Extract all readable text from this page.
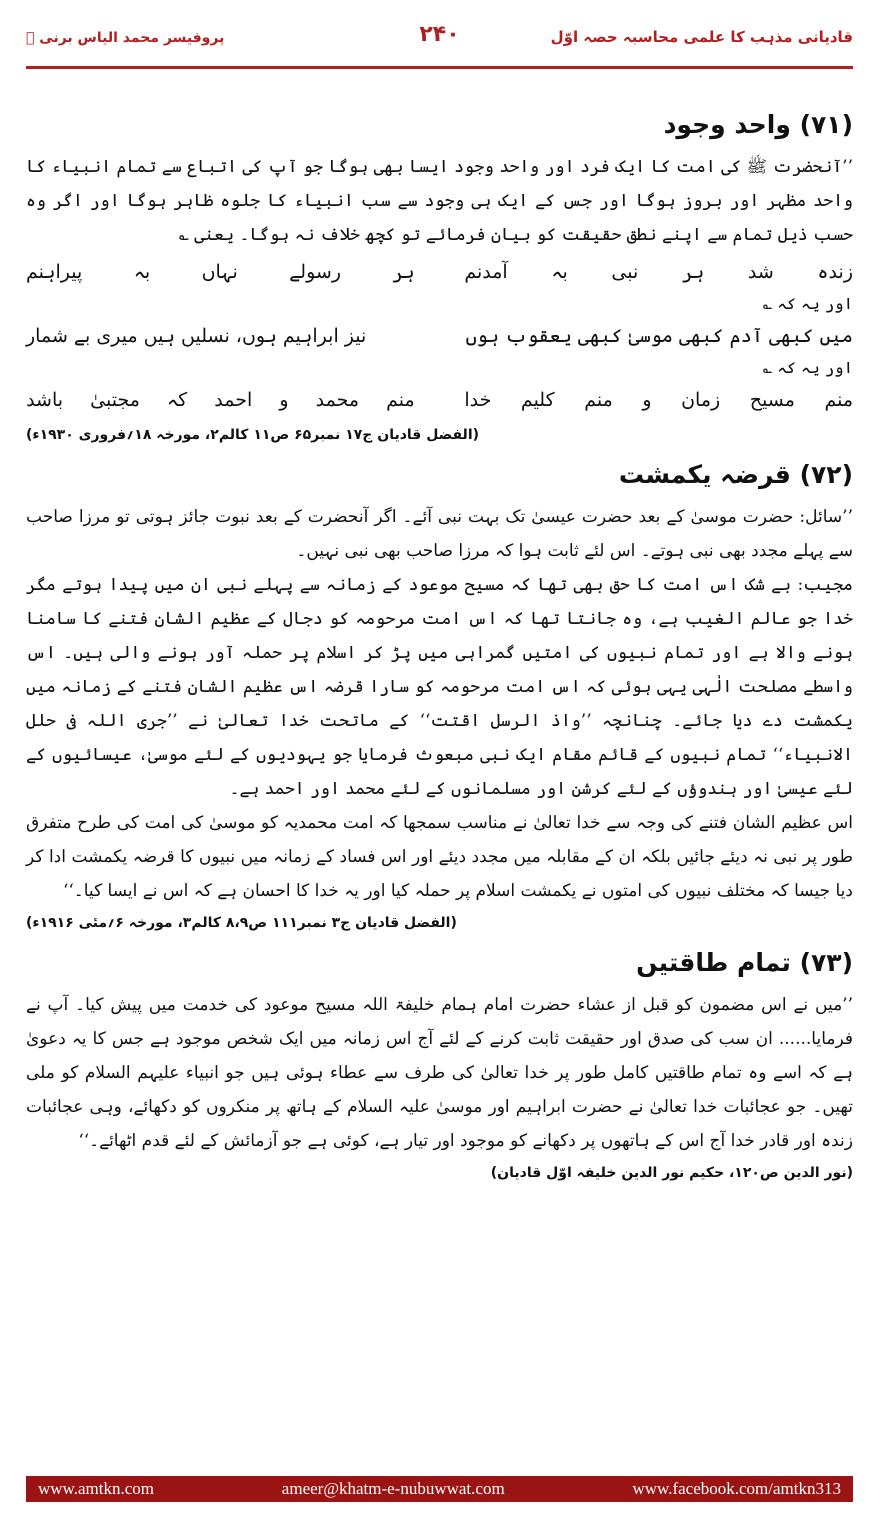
قادیانی مذہب کا علمی محاسبہ حصہ اوّل
۲۴۰
پروفیسر محمد الیاس برنی ﷫
(۷۱) واحد وجود

’’آنحضرت ﷺ کی امت کا ایک فرد اور واحد وجود ایسا بھی ہوگا جو آپ کی اتباع سے تمام انبیاء کا واحد مظہر اور بروز ہوگا اور جس کے ایک ہی وجود سے سب انبیاء کا جلوہ ظاہر ہوگا اور اگر وہ حسب ذیل تمام سے اپنے نطق حقیقت کو بیان فرمائے تو کچھ خلاف نہ ہوگا۔ یعنی ؎

زندہ
شد
ہر
نبی
بہ
آمدنم
ہر
رسولے
نہاں
بہ
پیراہنم

اور یہ کہ ؎

میں کبھی آدم کبھی موسیٰ کبھی یعقوب ہوں
نیز ابراہیم ہوں، نسلیں ہیں میری بے شمار

اور یہ کہ ؎

منم
مسیح
زمان
و
منم
کلیم
خدا
منم
محمد
و
احمد
کہ
مجتبیٰ
باشد

(الفضل قادیان ج۱۷ نمبر۶۵ ص۱۱ کالم۲، مورخہ ۱۸؍فروری ۱۹۳۰ء)

(۷۲) قرضہ یکمشت

’’سائل: حضرت موسیٰ کے بعد حضرت عیسیٰ تک بہت نبی آئے۔ اگر آنحضرت کے بعد نبوت جائز ہوتی تو مرزا صاحب سے پہلے مجدد بھی نبی ہوتے۔ اس لئے ثابت ہوا کہ مرزا صاحب بھی نبی نہیں۔

مجیب: بے شک اس امت کا حق بھی تھا کہ مسیح موعود کے زمانہ سے پہلے نبی ان میں پیدا ہوتے مگر خدا جو عالم الغیب ہے، وہ جانتا تھا کہ اس امت مرحومہ کو دجال کے عظیم الشان فتنے کا سامنا ہونے والا ہے اور تمام نبیوں کی امتیں گمراہی میں پڑ کر اسلام پر حملہ آور ہونے والی ہیں۔ اس واسطے مصلحت الٰہی یہی ہوئی کہ اس امت مرحومہ کو سارا قرضہ اس عظیم الشان فتنے کے زمانہ میں یکمشت دے دیا جائے۔ چنانچہ ’’واذ الرسل اقتت‘‘ کے ماتحت خدا تعالیٰ نے ’’جری اللہ فی حلل الانبیاء‘‘ تمام نبیوں کے قائم مقام ایک نبی مبعوث فرمایا جو یہودیوں کے لئے موسیٰ، عیسائیوں کے لئے عیسیٰ اور ہندوؤں کے لئے کرشن اور مسلمانوں کے لئے محمد اور احمد ہے۔

اس عظیم الشان فتنے کی وجہ سے خدا تعالیٰ نے مناسب سمجھا کہ امت محمدیہ کو موسیٰ کی امت کی طرح متفرق طور پر نبی نہ دیئے جائیں بلکہ ان کے مقابلہ میں مجدد دیئے اور اس فساد کے زمانہ میں نبیوں کا قرضہ یکمشت ادا کر دیا جیسا کہ مختلف نبیوں کی امتوں نے یکمشت اسلام پر حملہ کیا اور یہ خدا کا احسان ہے کہ اس نے ایسا کیا۔‘‘

(الفضل قادیان ج۳ نمبر۱۱۱ ص۸،۹ کالم۳، مورخہ ۶؍مئی ۱۹۱۶ء)

(۷۳) تمام طاقتیں

’’میں نے اس مضمون کو قبل از عشاء حضرت امام ہمام خلیفۃ اللہ مسیح موعود کی خدمت میں پیش کیا۔ آپ نے فرمایا...... ان سب کی صدق اور حقیقت ثابت کرنے کے لئے آج اس زمانہ میں ایک شخص موجود ہے جس کا یہ دعویٰ ہے کہ اسے وہ تمام طاقتیں کامل طور پر خدا تعالیٰ کی طرف سے عطاء ہوئی ہیں جو انبیاء علیہم السلام کو ملی تھیں۔ جو عجائبات خدا تعالیٰ نے حضرت ابراہیم اور موسیٰ علیہ السلام کے ہاتھ پر منکروں کو دکھائے، وہی عجائبات زندہ اور قادر خدا آج اس کے ہاتھوں پر دکھانے کو موجود اور تیار ہے، کوئی ہے جو آزمائش کے لئے قدم اٹھائے۔‘‘

(نور الدین ص۱۲۰، حکیم نور الدین خلیفہ اوّل قادیان)

www.amtkn.com	ameer@khatm-e-nubuwwat.com	www.facebook.com/amtkn313
